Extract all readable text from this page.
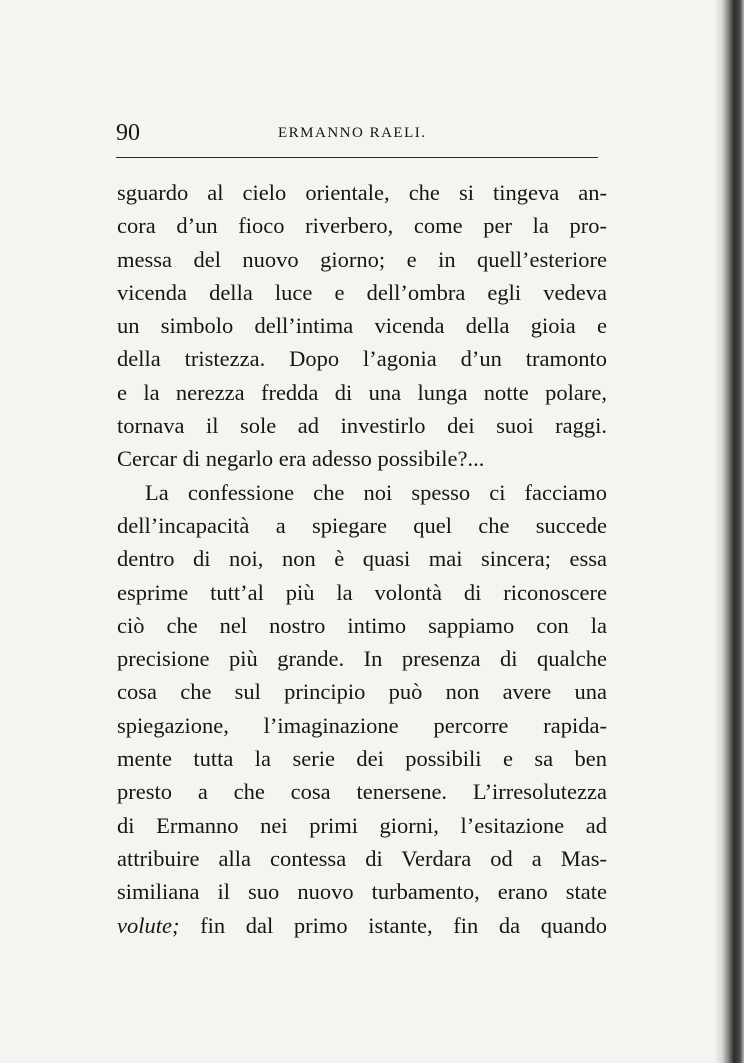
90	ERMANNO RAELI.
sguardo al cielo orientale, che si tingeva an-
cora d’un fioco riverbero, come per la pro-
messa del nuovo giorno; e in quell’esteriore
vicenda della luce e dell’ombra egli vedeva
un simbolo dell’intima vicenda della gioia e
della tristezza. Dopo l’agonia d’un tramonto
e la nerezza fredda di una lunga notte polare,
tornava il sole ad investirlo dei suoi raggi.
Cercar di negarlo era adesso possibile?...
La confessione che noi spesso ci facciamo
dell’incapacità a spiegare quel che succede
dentro di noi, non è quasi mai sincera; essa
esprime tutt’al più la volontà di riconoscere
ciò che nel nostro intimo sappiamo con la
precisione più grande. In presenza di qualche
cosa che sul principio può non avere una
spiegazione, l’imaginazione percorre rapida-
mente tutta la serie dei possibili e sa ben
presto a che cosa tenersene. L’irresolutezza
di Ermanno nei primi giorni, l’esitazione ad
attribuire alla contessa di Verdara od a Mas-
similiana il suo nuovo turbamento, erano state
volute; fin dal primo istante, fin da quando
